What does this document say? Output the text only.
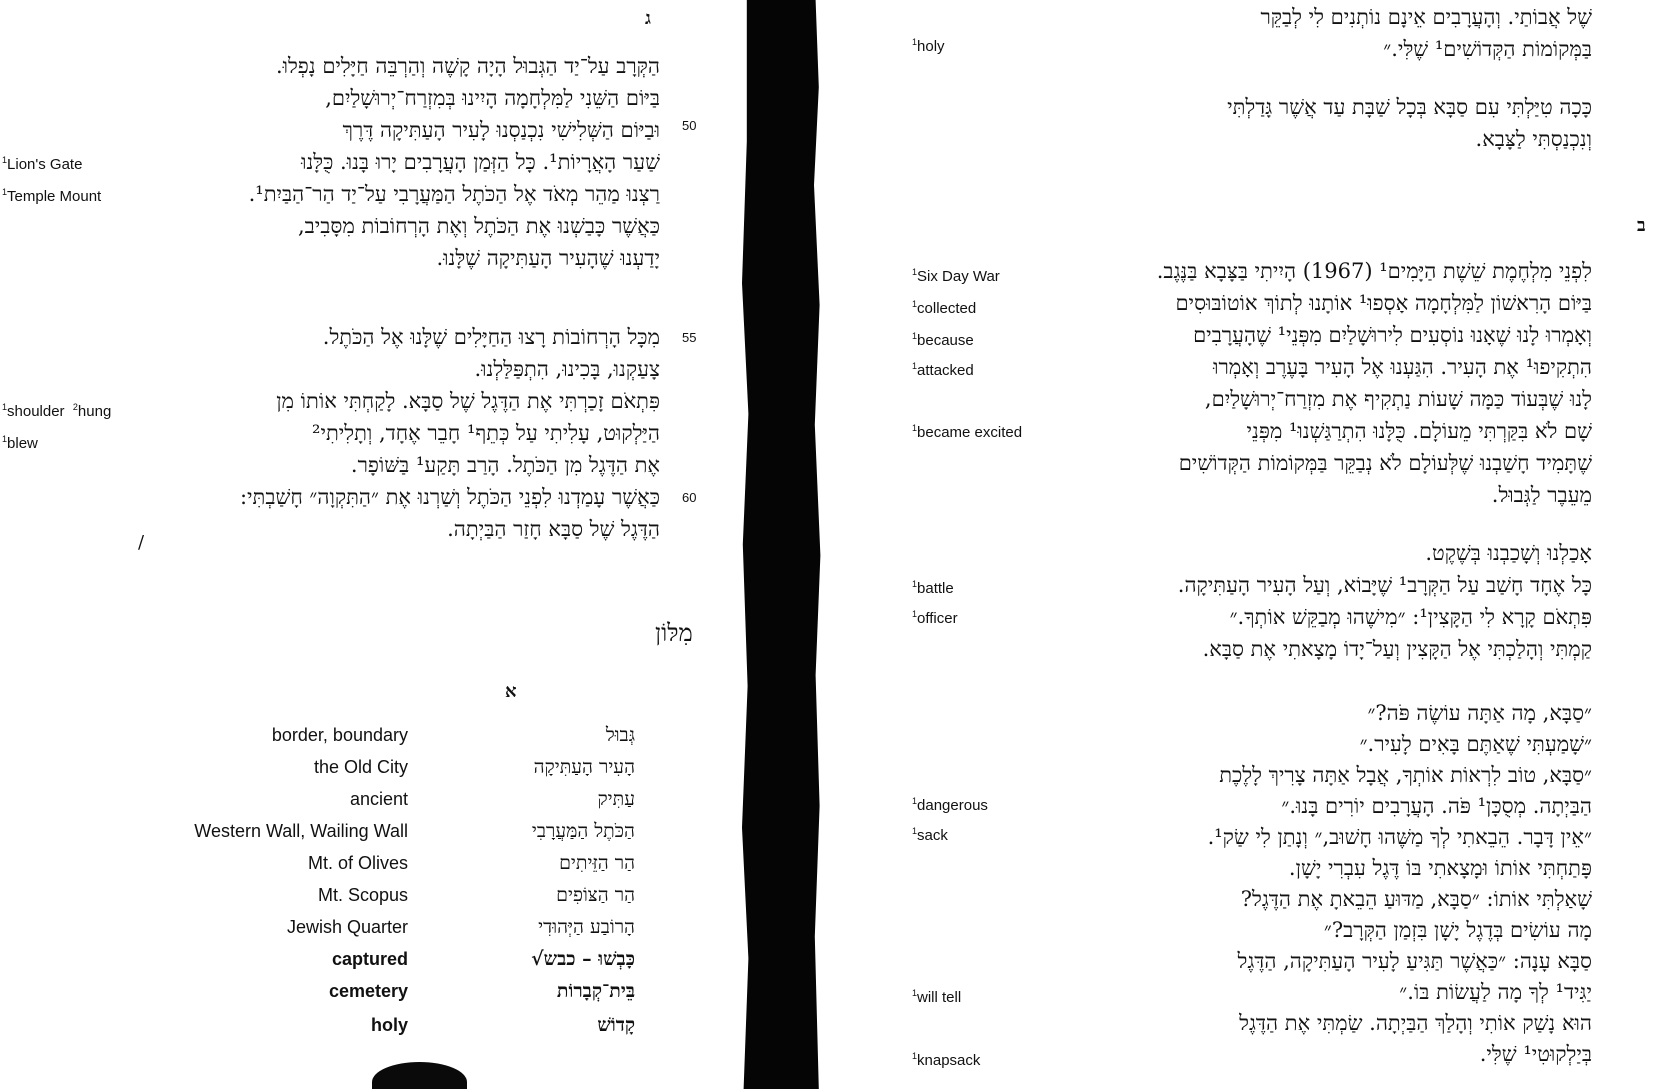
ג
הַקְּרָב עַל־יַד הַגְּבוּל הָיָה קָשֶׁה וְהַרְבֵּה חַיָּלִים נָפְלוּ.
בַּיּוֹם הַשֵּׁנִי לַמִּלְחָמָה הָיִינוּ בְּמִזְרַח־יְרוּשָׁלַיִם,
וּבַיּוֹם הַשְּׁלִישִׁי נִכְנַסְנוּ לָעִיר הָעַתִּיקָה דֶּרֶךְ
שַׁעַר הָאֲרָיוֹת¹. כָּל הַזְּמַן הָעֲרָבִים יָרוּ בָּנוּ. כֻּלָּנוּ
רַצְנוּ מַהֵר מְאֹד אֶל הַכֹּתֶל הַמַּעֲרָבִי עַל־יַד הַר־הַבַּיִת¹.
כַּאֲשֶׁר כָּבַשְׁנוּ אֶת הַכֹּתֶל וְאֶת הָרְחוֹבוֹת מִסָּבִיב,
יָדַעְנוּ שֶׁהָעִיר הָעַתִּיקָה שֶׁלָּנוּ.
מִכָּל הָרְחוֹבוֹת רָצוּ הַחַיָּלִים שֶׁלָּנוּ אֶל הַכֹּתֶל.
צָעַקְנוּ, בָּכִינוּ, הִתְפַּלַּלְנוּ.
פִּתְאֹם זָכַרְתִּי אֶת הַדֶּגֶל שֶׁל סַבָּא. לָקַחְתִּי אוֹתוֹ מִן
הַיַּלְקוּט, עָלִיתִי עַל כְּתֵף¹ חָבֵר אֶחָד, וְתָלִיתִי²
אֶת הַדֶּגֶל מִן הַכֹּתֶל. הָרַב תָּקַע¹ בַּשּׁוֹפָר.
כַּאֲשֶׁר עָמַדְנוּ לִפְנֵי הַכֹּתֶל וְשַׁרְנוּ אֶת ״הַתִּקְוָה״ חָשַׁבְתִּי:
הַדֶּגֶל שֶׁל סַבָּא חָזַר הַבַּיְתָה.
50
55
60
$^1$Lion's Gate
$^1$Temple Mount
$^1$shoulder $^2$hung
$^1$blew
/
מִלּוֹן
א
border, boundary	גְּבוּל
the Old City	הָעִיר הָעַתִּיקָה
ancient	עַתִּיק
Western Wall, Wailing Wall	הַכֹּתֶל הַמַּעֲרָבִי
Mt. of Olives	הַר הַזֵּיתִים
Mt. Scopus	הַר הַצּוֹפִים
Jewish Quarter	הָרוֹבַע הַיְּהוּדִי
captured	כָּבְשׁוּ – כבש√
cemetery	בֵּית־קְבָרוֹת
holy	קָדוֹשׁ
שֶׁל אֲבוֹתַי. וְהָעֲרָבִים אֵינָם נוֹתְנִים לִי לְבַקֵּר
בַּמְּקוֹמוֹת הַקְּדוֹשִׁים¹ שֶׁלִּי.״
כָּכָה טִיַּלְתִּי עִם סַבָּא בְּכָל שַׁבָּת עַד אֲשֶׁר גָּדַלְתִּי
וְנִכְנַסְתִּי לַצָּבָא.
ב
לִפְנֵי מִלְחֶמֶת שֵׁשֶׁת הַיָּמִים¹ (1967) הָיִיתִי בַּצָּבָא בַּנֶּגֶב.
בַּיּוֹם הָרִאשׁוֹן לַמִּלְחָמָה אָסְפוּ¹ אוֹתָנוּ לְתוֹךְ אוֹטוֹבּוּסִים
וְאָמְרוּ לָנוּ שֶׁאָנוּ נוֹסְעִים לִירוּשָׁלַיִם מִפְּנֵי¹ שֶׁהָעֲרָבִים
הִתְקִיפוּ¹ אֶת הָעִיר. הִגַּעְנוּ אֶל הָעִיר בָּעֶרֶב וְאָמְרוּ
לָנוּ שֶׁבְּעוֹד כַּמָּה שָׁעוֹת נַתְקִיף אֶת מִזְרַח־יְרוּשָׁלַיִם,
שָׁם לֹא בִּקַּרְתִּי מֵעוֹלָם. כֻּלָּנוּ הִתְרַגַּשְׁנוּ¹ מִפְּנֵי
שֶׁתָּמִיד חָשַׁבְנוּ שֶׁלְּעוֹלָם לֹא נְבַקֵּר בַּמְּקוֹמוֹת הַקְּדוֹשִׁים
מֵעֵבֶר לַגְּבוּל.
אָכַלְנוּ וְשָׁכַבְנוּ בְּשֶׁקֶט.
כָּל אֶחָד חָשַׁב עַל הַקְּרָב¹ שֶׁיָּבוֹא, וְעַל הָעִיר הָעַתִּיקָה.
פִּתְאֹם קָרָא לִי הַקָּצִין¹: ״מִישֶׁהוּ מְבַקֵּשׁ אוֹתְךָ.״
קַמְתִּי וְהָלַכְתִּי אֶל הַקָּצִין וְעַל־יָדוֹ מָצָאתִי אֶת סַבָּא.
״סַבָּא, מָה אַתָּה עוֹשֶׂה פֹּה?״
״שָׁמַעְתִּי שֶׁאַתֶּם בָּאִים לָעִיר.״
״סַבָּא, טוֹב לִרְאוֹת אוֹתְךָ, אֲבָל אַתָּה צָרִיךְ לָלֶכֶת
הַבַּיְתָה. מְסֻכָּן¹ פֹּה. הָעֲרָבִים יוֹרִים בָּנוּ.״
״אֵין דָּבָר. הֵבֵאתִי לְךָ מַשֶּׁהוּ חָשׁוּב,״ וְנָתַן לִי שַׂק¹.
פָּתַחְתִּי אוֹתוֹ וּמָצָאתִי בּוֹ דֶּגֶל עִבְרִי יָשָׁן.
שָׁאַלְתִּי אוֹתוֹ: ״סַבָּא, מַדּוּעַ הֵבֵאתָ אֶת הַדֶּגֶל?
מָה עוֹשִׂים בְּדֶגֶל יָשָׁן בִּזְמַן הַקְּרָב?״
סַבָּא עָנָה: ״כַּאֲשֶׁר תַּגִּיעַ לָעִיר הָעַתִּיקָה, הַדֶּגֶל
יַגִּיד¹ לְךָ מָה לַעֲשׂוֹת בּוֹ.״
הוּא נָשַׁק אוֹתִי וְהָלַךְ הַבַּיְתָה. שַׂמְתִּי אֶת הַדֶּגֶל
בְּיַלְקוּטִי¹ שֶׁלִּי.
$^1$holy
$^1$Six Day War
$^1$collected
$^1$because
$^1$attacked
$^1$became excited
$^1$battle
$^1$officer
$^1$dangerous
$^1$sack
$^1$will tell
$^1$knapsack
